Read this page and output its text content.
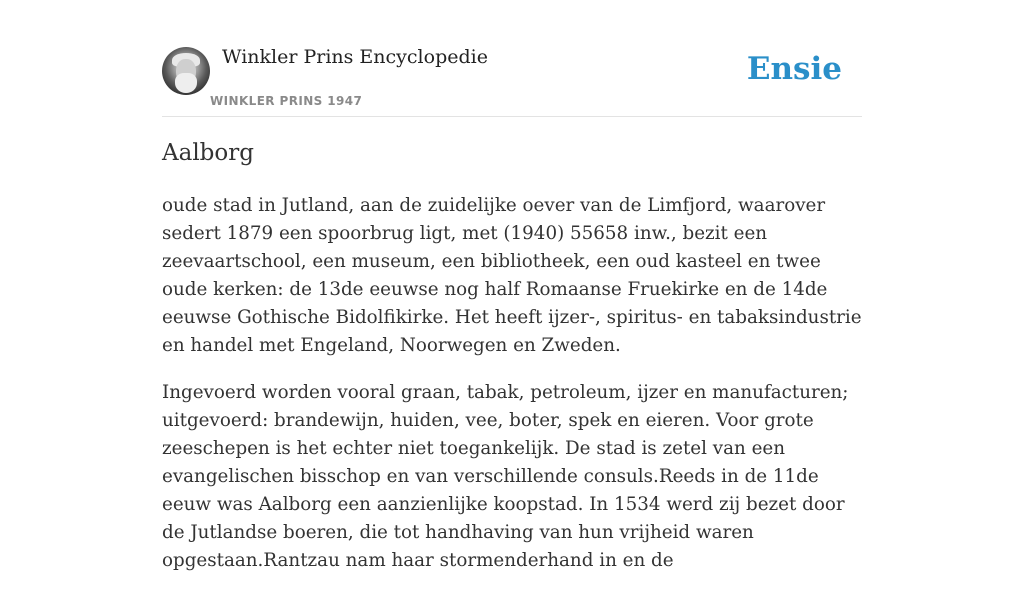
Winkler Prins Encyclopedie
WINKLER PRINS 1947
Ensie
Aalborg

oude stad in Jutland, aan de zuidelijke oever van de Limfjord, waarover sedert 1879 een spoorbrug ligt, met (1940) 55658 inw., bezit een zeevaartschool, een museum, een bibliotheek, een oud kasteel en twee oude kerken: de 13de eeuwse nog half Romaanse Fruekirke en de 14de eeuwse Gothische Bidolfikirke. Het heeft ijzer-, spiritus- en tabaksindustrie en handel met Engeland, Noorwegen en Zweden.

Ingevoerd worden vooral graan, tabak, petroleum, ijzer en manufacturen; uitgevoerd: brandewijn, huiden, vee, boter, spek en eieren. Voor grote zeeschepen is het echter niet toegankelijk. De stad is zetel van een evangelischen bisschop en van verschillende consuls.Reeds in de 11de eeuw was Aalborg een aanzienlijke koopstad. In 1534 werd zij bezet door de Jutlandse boeren, die tot handhaving van hun vrijheid waren opgestaan.Rantzau nam haar stormenderhand in en de
